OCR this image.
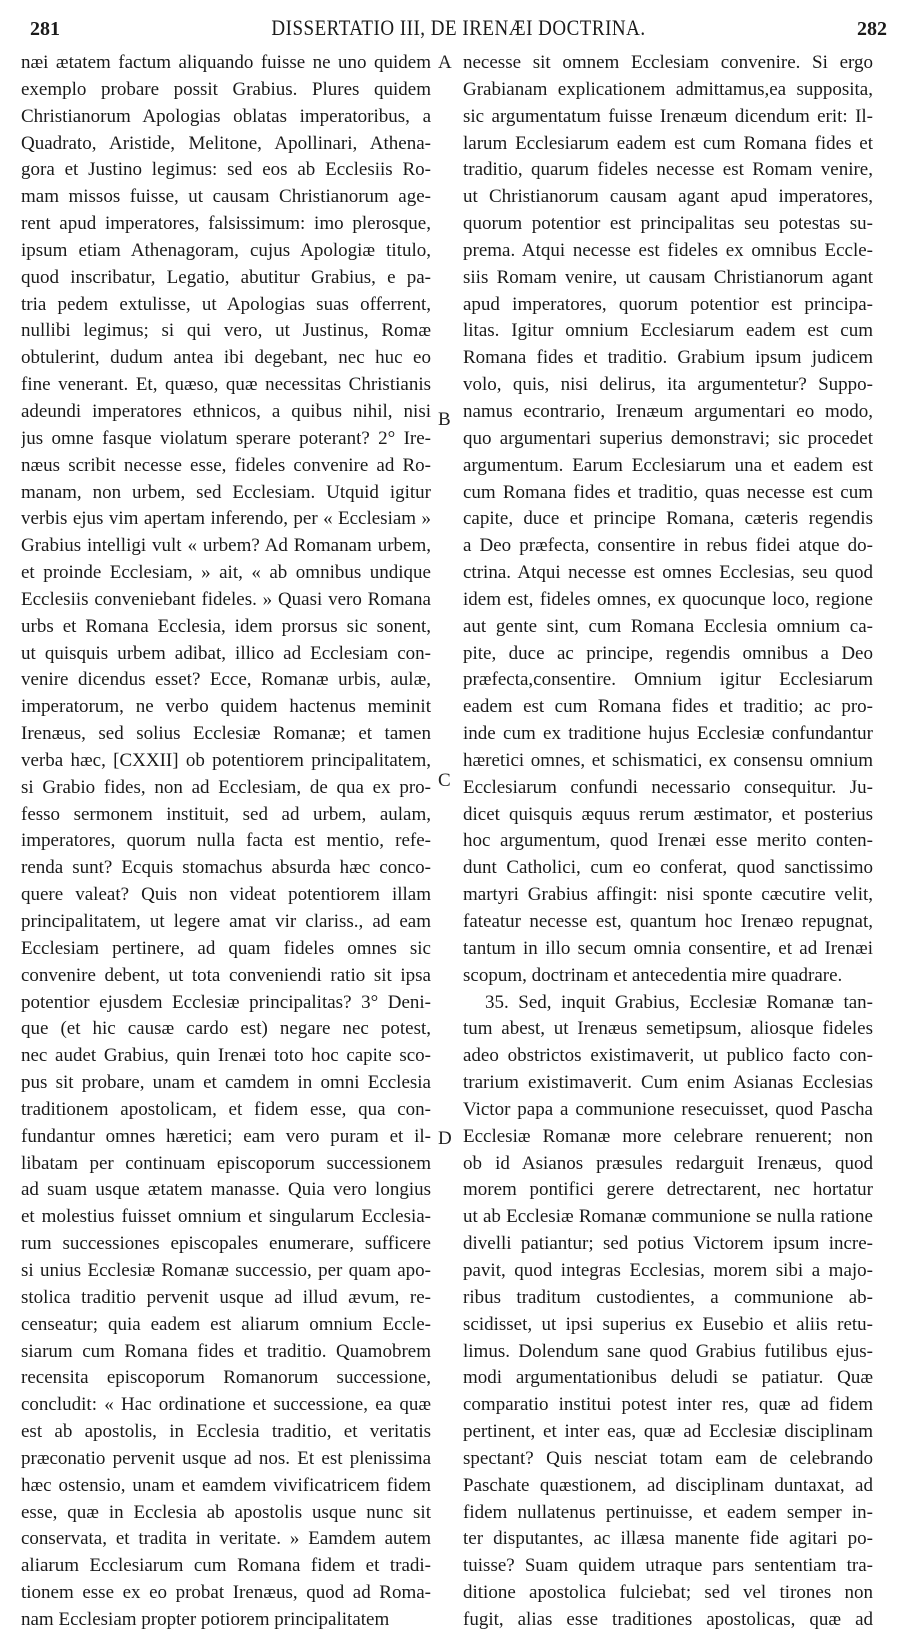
281	DISSERTATIO III, DE IRENÆI DOCTRINA.	282
næi ætatem factum aliquando fuisse ne uno quidem
exemplo probare possit Grabius. Plures quidem
Christianorum Apologias oblatas imperatoribus, a
Quadrato, Aristide, Melitone, Apollinari, Athena-
gora et Justino legimus: sed eos ab Ecclesiis Ro-
mam missos fuisse, ut causam Christianorum age-
rent apud imperatores, falsissimum: imo plerosque,
ipsum etiam Athenagoram, cujus Apologiæ titulo,
quod inscribatur, Legatio, abutitur Grabius, e pa-
tria pedem extulisse, ut Apologias suas offerrent,
nullibi legimus; si qui vero, ut Justinus, Romæ
obtulerint, dudum antea ibi degebant, nec huc eo
fine venerant. Et, quæso, quæ necessitas Christianis
adeundi imperatores ethnicos, a quibus nihil, nisi
jus omne fasque violatum sperare poterant? 2° Ire-
næus scribit necesse esse, fideles convenire ad Ro-
manam, non urbem, sed Ecclesiam. Utquid igitur
verbis ejus vim apertam inferendo, per « Ecclesiam »
Grabius intelligi vult « urbem? Ad Romanam urbem,
et proinde Ecclesiam, » ait, « ab omnibus undique
Ecclesiis conveniebant fideles. » Quasi vero Romana
urbs et Romana Ecclesia, idem prorsus sic sonent,
ut quisquis urbem adibat, illico ad Ecclesiam con-
venire dicendus esset? Ecce, Romanæ urbis, aulæ,
imperatorum, ne verbo quidem hactenus meminit
Irenæus, sed solius Ecclesiæ Romanæ; et tamen
verba hæc, [CXXII] ob potentiorem principalitatem,
si Grabio fides, non ad Ecclesiam, de qua ex pro-
fesso sermonem instituit, sed ad urbem, aulam,
imperatores, quorum nulla facta est mentio, refe-
renda sunt? Ecquis stomachus absurda hæc conco-
quere valeat? Quis non videat potentiorem illam
principalitatem, ut legere amat vir clariss., ad eam
Ecclesiam pertinere, ad quam fideles omnes sic
convenire debent, ut tota conveniendi ratio sit ipsa
potentior ejusdem Ecclesiæ principalitas? 3° Deni-
que (et hic causæ cardo est) negare nec potest,
nec audet Grabius, quin Irenæi toto hoc capite sco-
pus sit probare, unam et camdem in omni Ecclesia
traditionem apostolicam, et fidem esse, qua con-
fundantur omnes hæretici; eam vero puram et il-
libatam per continuam episcoporum successionem
ad suam usque ætatem manasse. Quia vero longius
et molestius fuisset omnium et singularum Ecclesia-
rum successiones episcopales enumerare, sufficere
si unius Ecclesiæ Romanæ successio, per quam apo-
stolica traditio pervenit usque ad illud ævum, re-
censeatur; quia eadem est aliarum omnium Eccle-
siarum cum Romana fides et traditio. Quamobrem
recensita episcoporum Romanorum successione,
concludit: « Hac ordinatione et successione, ea quæ
est ab apostolis, in Ecclesia traditio, et veritatis
præconatio pervenit usque ad nos. Et est plenissima
hæc ostensio, unam et eamdem vivificatricem fidem
esse, quæ in Ecclesia ab apostolis usque nunc sit
conservata, et tradita in veritate. » Eamdem autem
aliarum Ecclesiarum cum Romana fidem et tradi-
tionem esse ex eo probat Irenæus, quod ad Roma-
nam Ecclesiam propter potiorem principalitatem
necesse sit omnem Ecclesiam convenire. Si ergo
Grabianam explicationem admittamus,ea supposita,
sic argumentatum fuisse Irenæum dicendum erit: Il-
larum Ecclesiarum eadem est cum Romana fides et
traditio, quarum fideles necesse est Romam venire,
ut Christianorum causam agant apud imperatores,
quorum potentior est principalitas seu potestas su-
prema. Atqui necesse est fideles ex omnibus Eccle-
siis Romam venire, ut causam Christianorum agant
apud imperatores, quorum potentior est principa-
litas. Igitur omnium Ecclesiarum eadem est cum
Romana fides et traditio. Grabium ipsum judicem
volo, quis, nisi delirus, ita argumentetur? Suppo-
namus econtrario, Irenæum argumentari eo modo,
quo argumentari superius demonstravi; sic procedet
argumentum. Earum Ecclesiarum una et eadem est
cum Romana fides et traditio, quas necesse est cum
capite, duce et principe Romana, cæteris regendis
a Deo præfecta, consentire in rebus fidei atque do-
ctrina. Atqui necesse est omnes Ecclesias, seu quod
idem est, fideles omnes, ex quocunque loco, regione
aut gente sint, cum Romana Ecclesia omnium ca-
pite, duce ac principe, regendis omnibus a Deo
præfecta,consentire. Omnium igitur Ecclesiarum
eadem est cum Romana fides et traditio; ac pro-
inde cum ex traditione hujus Ecclesiæ confundantur
hæretici omnes, et schismatici, ex consensu omnium
Ecclesiarum confundi necessario consequitur. Ju-
dicet quisquis æquus rerum æstimator, et posterius
hoc argumentum, quod Irenæi esse merito conten-
dunt Catholici, cum eo conferat, quod sanctissimo
martyri Grabius affingit: nisi sponte cæcutire velit,
fateatur necesse est, quantum hoc Irenæo repugnat,
tantum in illo secum omnia consentire, et ad Irenæi
scopum, doctrinam et antecedentia mire quadrare.
35. Sed, inquit Grabius, Ecclesiæ Romanæ tan-
tum abest, ut Irenæus semetipsum, aliosque fideles
adeo obstrictos existimaverit, ut publico facto con-
trarium existimaverit. Cum enim Asianas Ecclesias
Victor papa a communione resecuisset, quod Pascha
Ecclesiæ Romanæ more celebrare renuerent; non
ob id Asianos præsules redarguit Irenæus, quod
morem pontifici gerere detrectarent, nec hortatur
ut ab Ecclesiæ Romanæ communione se nulla ratione
divelli patiantur; sed potius Victorem ipsum incre-
pavit, quod integras Ecclesias, morem sibi a majo-
ribus traditum custodientes, a communione ab-
scidisset, ut ipsi superius ex Eusebio et aliis retu-
limus. Dolendum sane quod Grabius futilibus ejus-
modi argumentationibus deludi se patiatur. Quæ
comparatio institui potest inter res, quæ ad fidem
pertinent, et inter eas, quæ ad Ecclesiæ disciplinam
spectant? Quis nesciat totam eam de celebrando
Paschate quæstionem, ad disciplinam duntaxat, ad
fidem nullatenus pertinuisse, et eadem semper in-
ter disputantes, ac illæsa manente fide agitari po-
tuisse? Suam quidem utraque pars sententiam tra-
ditione apostolica fulciebat; sed vel tirones non
fugit, alias esse traditiones apostolicas, quæ ad
A
B
C
D
